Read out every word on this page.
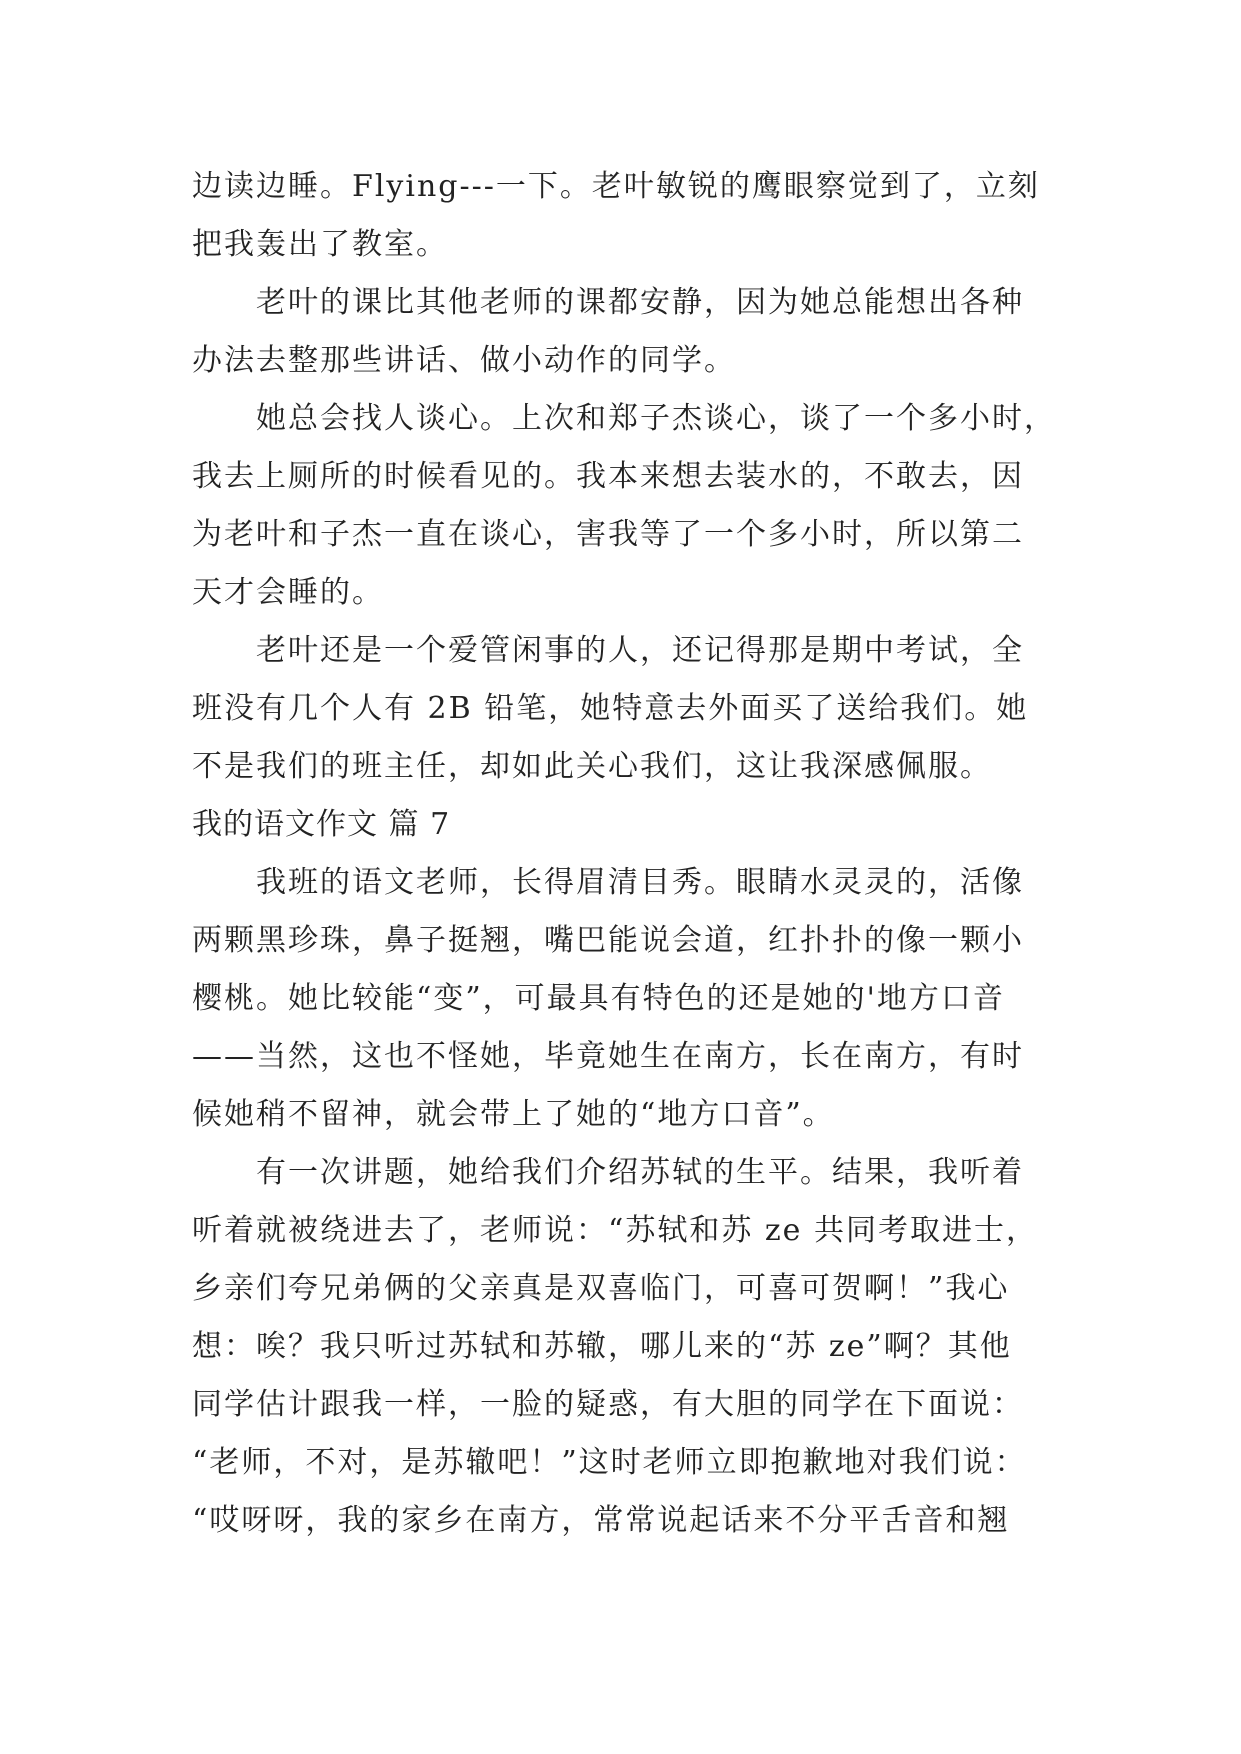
边读边睡。Flying---一下。老叶敏锐的鹰眼察觉到了，立刻
把我轰出了教室。
老叶的课比其他老师的课都安静，因为她总能想出各种
办法去整那些讲话、做小动作的同学。
她总会找人谈心。上次和郑子杰谈心，谈了一个多小时，
我去上厕所的时候看见的。我本来想去装水的，不敢去，因
为老叶和子杰一直在谈心，害我等了一个多小时，所以第二
天才会睡的。
老叶还是一个爱管闲事的人，还记得那是期中考试，全
班没有几个人有 2B 铅笔，她特意去外面买了送给我们。她
不是我们的班主任，却如此关心我们，这让我深感佩服。
我的语文作文 篇 7
我班的语文老师，长得眉清目秀。眼睛水灵灵的，活像
两颗黑珍珠，鼻子挺翘，嘴巴能说会道，红扑扑的像一颗小
樱桃。她比较能“变”，可最具有特色的还是她的'地方口音
——当然，这也不怪她，毕竟她生在南方，长在南方，有时
候她稍不留神，就会带上了她的“地方口音”。
有一次讲题，她给我们介绍苏轼的生平。结果，我听着
听着就被绕进去了，老师说：“苏轼和苏 ze 共同考取进士，
乡亲们夸兄弟俩的父亲真是双喜临门，可喜可贺啊！”我心
想：唉？我只听过苏轼和苏辙，哪儿来的“苏 ze”啊？其他
同学估计跟我一样，一脸的疑惑，有大胆的同学在下面说：
“老师，不对，是苏辙吧！”这时老师立即抱歉地对我们说：
“哎呀呀，我的家乡在南方，常常说起话来不分平舌音和翘
